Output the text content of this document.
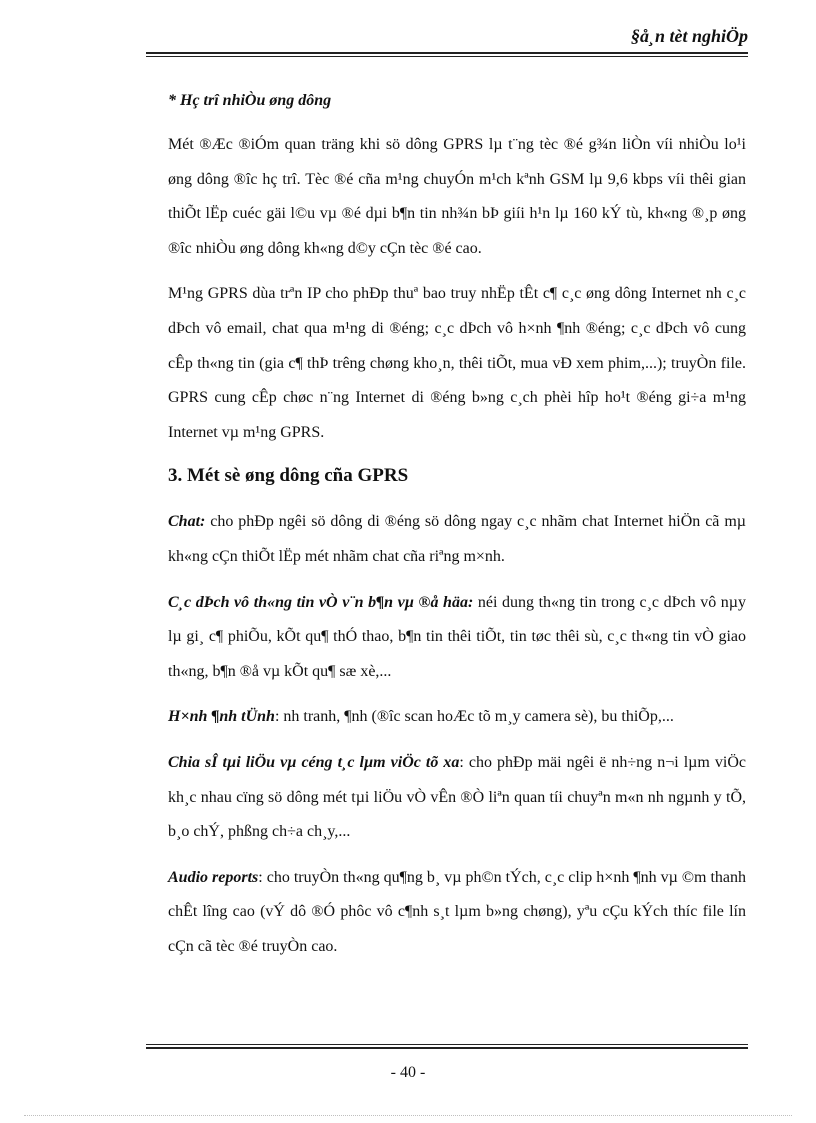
§å¸n tèt nghiÖp

* Hç trî nhiÒu øng dông

Mét ®Æc ®iÓm quan träng khi sö dông GPRS lµ t¨ng tèc ®é g¾n liÒn víi nhiÒu lo¹i øng dông ®îc hç trî. Tèc ®é cña m¹ng chuyÓn m¹ch kªnh GSM lµ 9,6 kbps víi thêi gian thiÕt lËp cuéc gäi l©u vµ ®é dµi b¶n tin nh¾n bÞ giíi h¹n lµ 160 kÝ tù, kh«ng ®¸p øng ®îc nhiÒu øng dông kh«ng d©y cÇn tèc ®é cao.

M¹ng GPRS dùa trªn IP cho phÐp thuª bao truy nhËp tÊt c¶ c¸c øng dông Internet nh c¸c dÞch vô email, chat qua m¹ng di ®éng; c¸c dÞch vô h×nh ¶nh ®éng; c¸c dÞch vô cung cÊp th«ng tin (gia c¶ thÞ trêng chøng kho¸n, thêi tiÕt, mua vÐ xem phim,...); truyÒn file. GPRS cung cÊp chøc n¨ng Internet di ®éng b»ng c¸ch phèi hîp ho¹t ®éng gi÷a m¹ng Internet vµ m¹ng GPRS.

3. Mét sè øng dông cña GPRS

Chat: cho phÐp ngêi sö dông di ®éng sö dông ngay c¸c nhãm chat Internet hiÖn cã mµ kh«ng cÇn thiÕt lËp mét nhãm chat cña riªng m×nh.

C¸c dÞch vô th«ng tin vÒ v¨n b¶n vµ ®å häa: néi dung th«ng tin trong c¸c dÞch vô nµy lµ gi¸ c¶ phiÕu, kÕt qu¶ thÓ thao, b¶n tin thêi tiÕt, tin tøc thêi sù, c¸c th«ng tin vÒ giao th«ng, b¶n ®å vµ kÕt qu¶ sæ xè,...

H×nh ¶nh tÜnh: nh tranh, ¶nh (®îc scan hoÆc tõ m¸y camera sè), bu thiÕp,...

Chia sÎ tµi liÖu vµ céng t¸c lµm viÖc tõ xa: cho phÐp mäi ngêi ë nh÷ng n¬i lµm viÖc kh¸c nhau cïng sö dông mét tµi liÖu vÒ vÊn ®Ò liªn quan tíi chuyªn m«n nh ngµnh y tÕ, b¸o chÝ, phßng ch÷a ch¸y,...

Audio reports: cho truyÒn th«ng qu¶ng b¸ vµ ph©n tÝch, c¸c clip h×nh ¶nh vµ ©m thanh chÊt lîng cao (vÝ dô ®Ó phôc vô c¶nh s¸t lµm b»ng chøng), yªu cÇu kÝch thíc file lín cÇn cã tèc ®é truyÒn cao.

- 40 -
